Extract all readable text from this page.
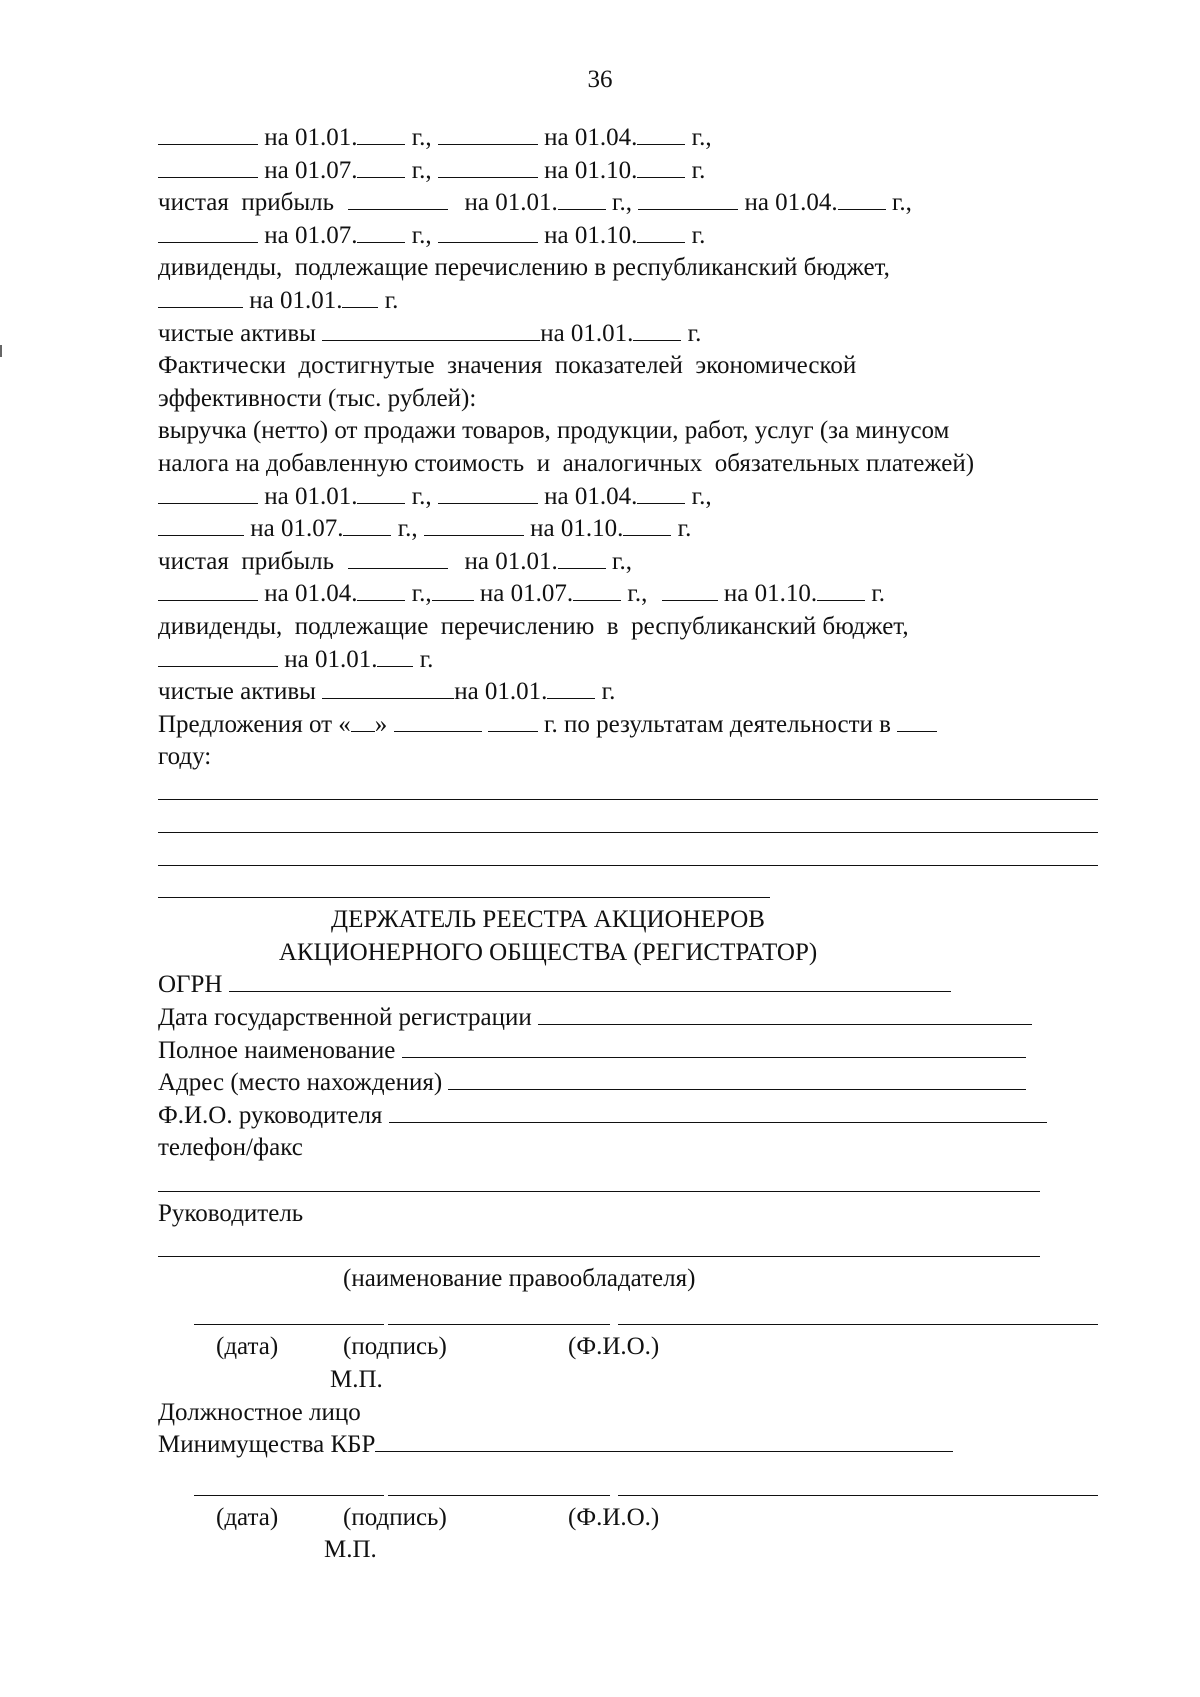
36
на 01.01. г.,	на 01.04. г.,
на 01.07. г.,	на 01.10. г.
чистая  прибыль	на 01.01. г.,	на 01.04. г.,
на 01.07. г.,	на 01.10. г.
дивиденды,  подлежащие перечислению в республиканский бюджет,
на 01.01. г.
чистые активы	на 01.01. г.
Фактически  достигнутые  значения  показателей  экономической
эффективности (тыс. рублей):
выручка (нетто) от продажи товаров, продукции, работ, услуг (за минусом
налога на добавленную стоимость  и  аналогичных  обязательных платежей)
на 01.01. г.,	на 01.04. г.,
на 01.07. г.,	на 01.10. г.
чистая  прибыль	на 01.01. г.,
на 01.04. г., на 01.07. г.,	на 01.10. г.
дивиденды,  подлежащие  перечислению  в  республиканский бюджет,
на 01.01. г.
чистые активы	на 01.01. г.
Предложения от « »	г. по результатам деятельности в
году:
ДЕРЖАТЕЛЬ РЕЕСТРА АКЦИОНЕРОВ
АКЦИОНЕРНОГО ОБЩЕСТВА (РЕГИСТРАТОР)
ОГРН
Дата государственной регистрации
Полное наименование
Адрес (место нахождения)
Ф.И.О. руководителя
телефон/факс
Руководитель
(наименование правообладателя)
(дата)	(подпись)	(Ф.И.О.)
М.П.
Должностное лицо
Минимущества КБР
(дата)	(подпись)	(Ф.И.О.)
М.П.
